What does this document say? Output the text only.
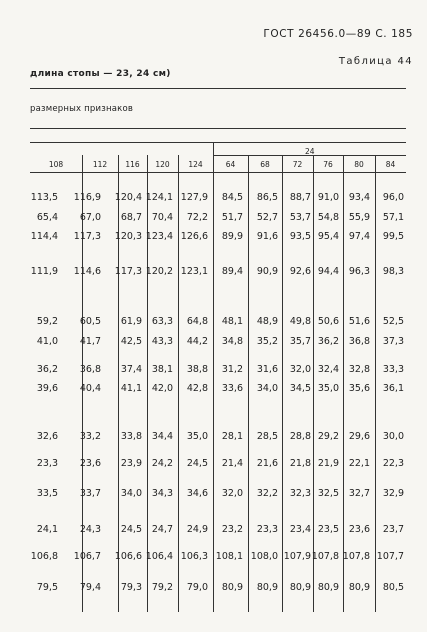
ГОСТ 26456.0—89 С. 185
Таблица 44
длина стопы — 23, 24 см)
размерных признаков
24
108	112	116	120	124	64	68	72	76	80	84
113,5 116,9 120,4 124,1 127,9 84,5 86,5 88,7 91,0 93,4 96,0
65,4 67,0 68,7 70,4 72,2 51,7 52,7 53,7 54,8 55,9 57,1
114,4 117,3 120,3 123,4 126,6 89,9 91,6 93,5 95,4 97,4 99,5
111,9 114,6 117,3 120,2 123,1 89,4 90,9 92,6 94,4 96,3 98,3
59,2 60,5 61,9 63,3 64,8 48,1 48,9 49,8 50,6 51,6 52,5
41,0 41,7 42,5 43,3 44,2 34,8 35,2 35,7 36,2 36,8 37,3
36,2 36,8 37,4 38,1 38,8 31,2 31,6 32,0 32,4 32,8 33,3
39,6 40,4 41,1 42,0 42,8 33,6 34,0 34,5 35,0 35,6 36,1
32,6 33,2 33,8 34,4 35,0 28,1 28,5 28,8 29,2 29,6 30,0
23,3 23,6 23,9 24,2 24,5 21,4 21,6 21,8 21,9 22,1 22,3
33,5 33,7 34,0 34,3 34,6 32,0 32,2 32,3 32,5 32,7 32,9
24,1 24,3 24,5 24,7 24,9 23,2 23,3 23,4 23,5 23,6 23,7
106,8 106,7 106,6 106,4 106,3 108,1 108,0 107,9 107,8 107,8 107,7
79,5 79,4 79,3 79,2 79,0 80,9 80,9 80,9 80,9 80,9 80,5
